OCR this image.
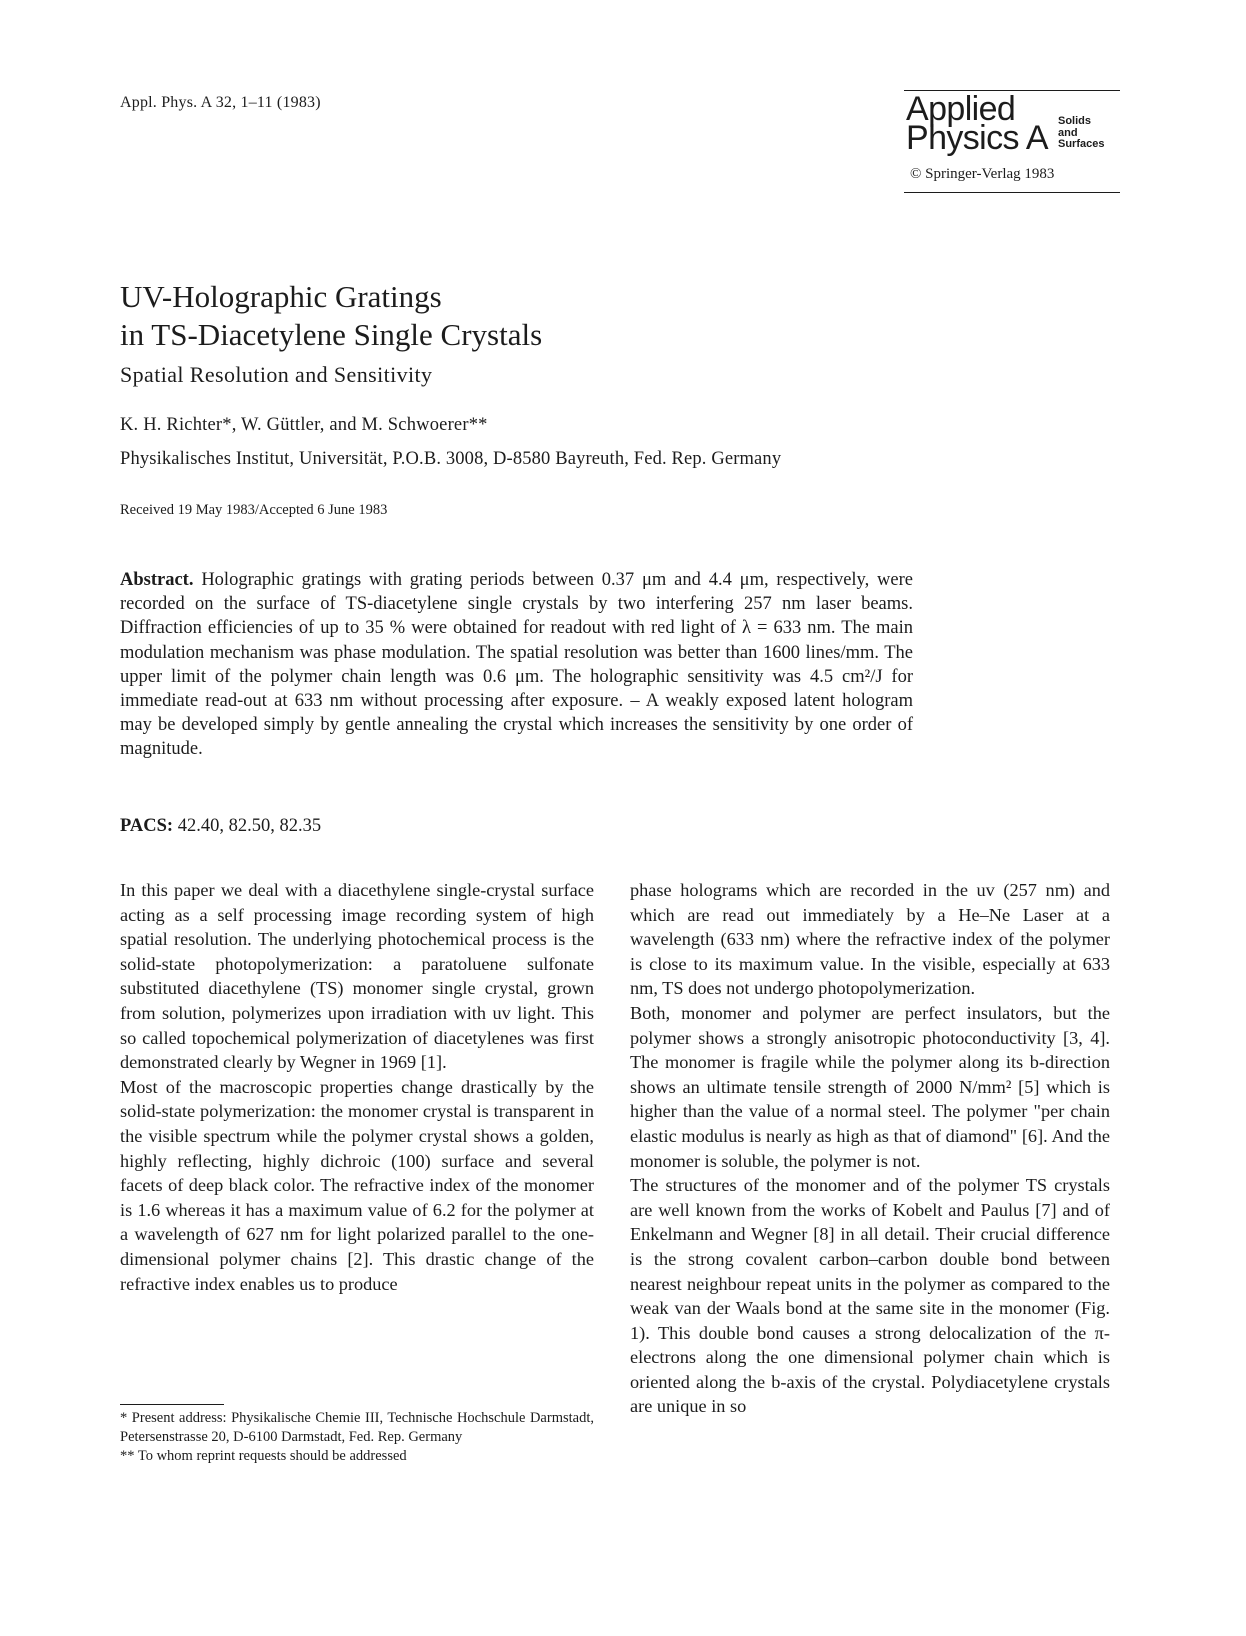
Appl. Phys. A 32, 1–11 (1983)	Applied
Physics A Solids
and
Surfaces
© Springer-Verlag 1983
UV-Holographic Gratings
in TS-Diacetylene Single Crystals
Spatial Resolution and Sensitivity
K. H. Richter*, W. Güttler, and M. Schwoerer**
Physikalisches Institut, Universität, P.O.B. 3008, D-8580 Bayreuth, Fed. Rep. Germany
Received 19 May 1983/Accepted 6 June 1983
Abstract. Holographic gratings with grating periods between 0.37 μm and 4.4 μm, respectively, were recorded on the surface of TS-diacetylene single crystals by two interfering 257 nm laser beams. Diffraction efficiencies of up to 35 % were obtained for readout with red light of λ = 633 nm. The main modulation mechanism was phase modulation. The spatial resolution was better than 1600 lines/mm. The upper limit of the polymer chain length was 0.6 μm. The holographic sensitivity was 4.5 cm²/J for immediate read-out at 633 nm without processing after exposure. – A weakly exposed latent hologram may be developed simply by gentle annealing the crystal which increases the sensitivity by one order of magnitude.
PACS: 42.40, 82.50, 82.35

In this paper we deal with a diacethylene single-crystal surface acting as a self processing image recording system of high spatial resolution. The underlying photochemical process is the solid-state photopolymerization: a paratoluene sulfonate substituted diacethylene (TS) monomer single crystal, grown from solution, polymerizes upon irradiation with uv light. This so called topochemical polymerization of diacetylenes was first demonstrated clearly by Wegner in 1969 [1].

Most of the macroscopic properties change drastically by the solid-state polymerization: the monomer crystal is transparent in the visible spectrum while the polymer crystal shows a golden, highly reflecting, highly dichroic (100) surface and several facets of deep black color. The refractive index of the monomer is 1.6 whereas it has a maximum value of 6.2 for the polymer at a wavelength of 627 nm for light polarized parallel to the one-dimensional polymer chains [2]. This drastic change of the refractive index enables us to produce

phase holograms which are recorded in the uv (257 nm) and which are read out immediately by a He–Ne Laser at a wavelength (633 nm) where the refractive index of the polymer is close to its maximum value. In the visible, especially at 633 nm, TS does not undergo photopolymerization.

Both, monomer and polymer are perfect insulators, but the polymer shows a strongly anisotropic photoconductivity [3, 4]. The monomer is fragile while the polymer along its b-direction shows an ultimate tensile strength of 2000 N/mm² [5] which is higher than the value of a normal steel. The polymer "per chain elastic modulus is nearly as high as that of diamond" [6]. And the monomer is soluble, the polymer is not.

The structures of the monomer and of the polymer TS crystals are well known from the works of Kobelt and Paulus [7] and of Enkelmann and Wegner [8] in all detail. Their crucial difference is the strong covalent carbon–carbon double bond between nearest neighbour repeat units in the polymer as compared to the weak van der Waals bond at the same site in the monomer (Fig. 1). This double bond causes a strong delocalization of the π-electrons along the one dimensional polymer chain which is oriented along the b-axis of the crystal. Polydiacetylene crystals are unique in so

* Present address: Physikalische Chemie III, Technische Hochschule Darmstadt, Petersenstrasse 20, D-6100 Darmstadt, Fed. Rep. Germany

** To whom reprint requests should be addressed
